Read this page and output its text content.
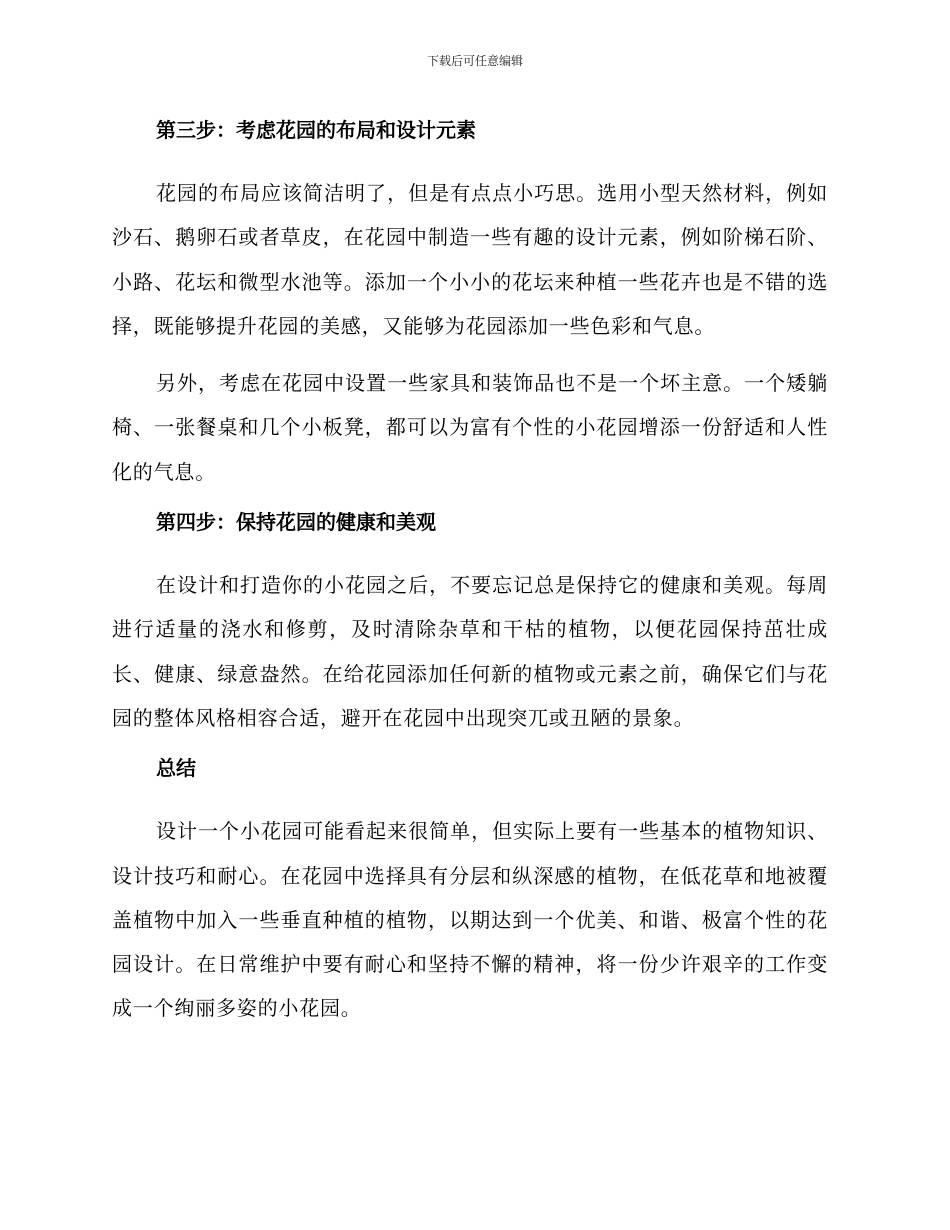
下载后可任意编辑
第三步：考虑花园的布局和设计元素

花园的布局应该简洁明了，但是有点点小巧思。选用小型天然材料，例如沙石、鹅卵石或者草皮，在花园中制造一些有趣的设计元素，例如阶梯石阶、小路、花坛和微型水池等。添加一个小小的花坛来种植一些花卉也是不错的选择，既能够提升花园的美感，又能够为花园添加一些色彩和气息。

另外，考虑在花园中设置一些家具和装饰品也不是一个坏主意。一个矮躺椅、一张餐桌和几个小板凳，都可以为富有个性的小花园增添一份舒适和人性化的气息。

第四步：保持花园的健康和美观

在设计和打造你的小花园之后，不要忘记总是保持它的健康和美观。每周进行适量的浇水和修剪，及时清除杂草和干枯的植物，以便花园保持茁壮成长、健康、绿意盎然。在给花园添加任何新的植物或元素之前，确保它们与花园的整体风格相容合适，避开在花园中出现突兀或丑陋的景象。

总结

设计一个小花园可能看起来很简单，但实际上要有一些基本的植物知识、设计技巧和耐心。在花园中选择具有分层和纵深感的植物，在低花草和地被覆盖植物中加入一些垂直种植的植物，以期达到一个优美、和谐、极富个性的花园设计。在日常维护中要有耐心和坚持不懈的精神，将一份少许艰辛的工作变成一个绚丽多姿的小花园。
